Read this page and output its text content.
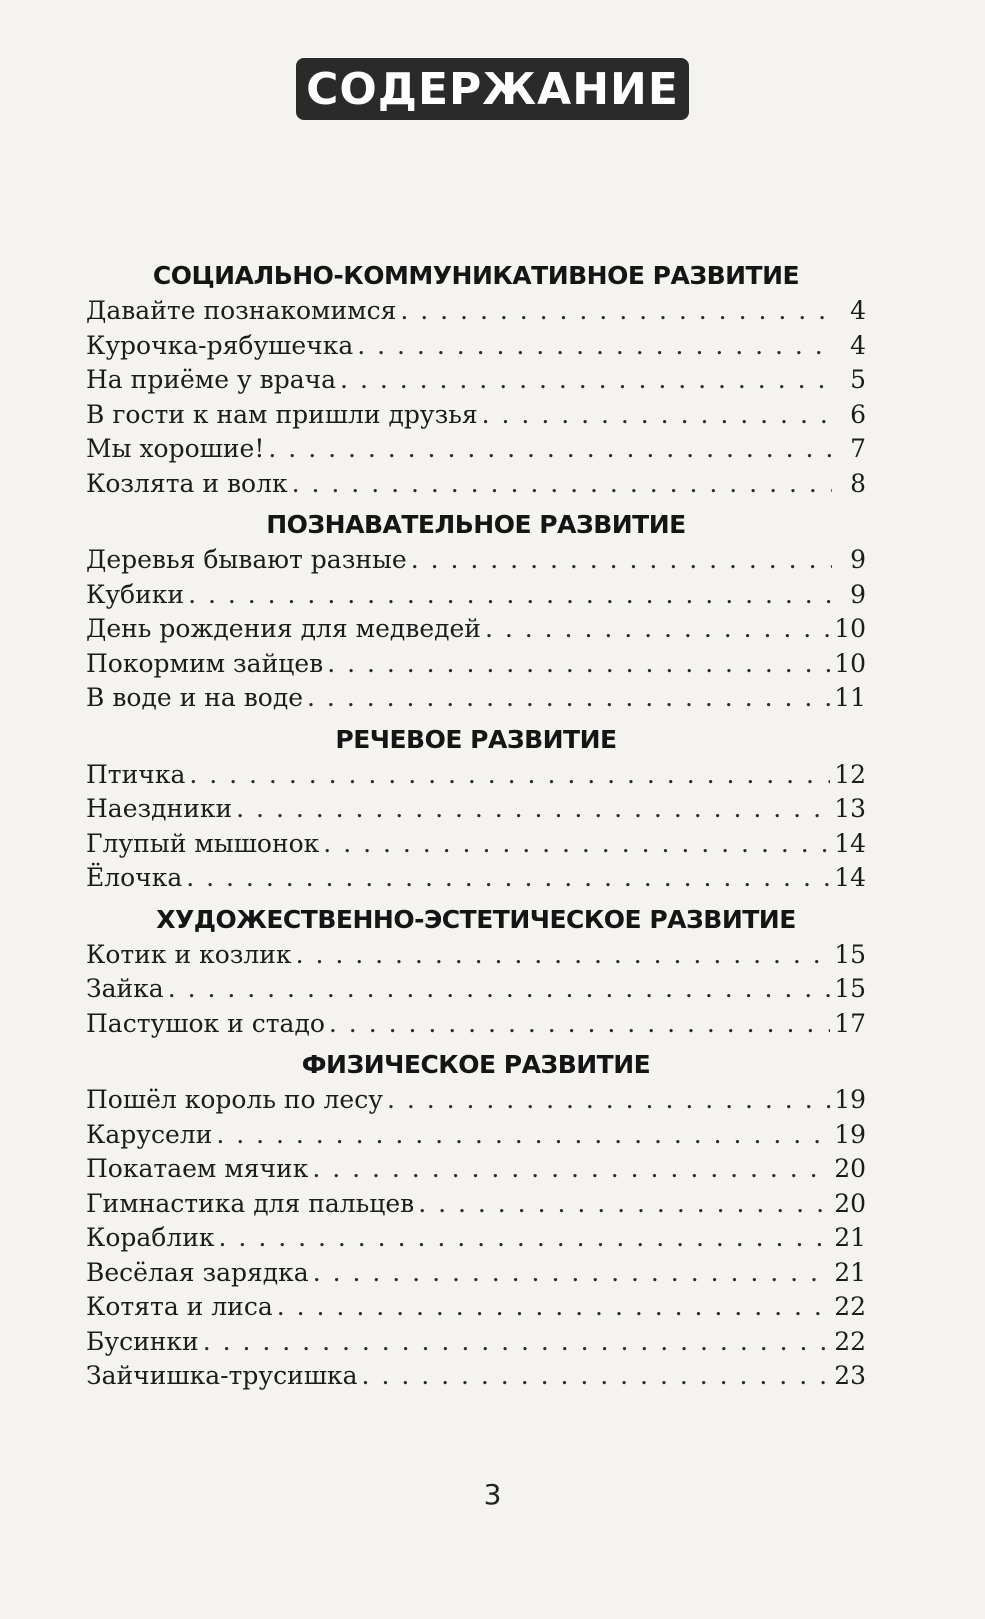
СОДЕРЖАНИЕ
СОЦИАЛЬНО-КОММУНИКАТИВНОЕ РАЗВИТИЕ
Давайте познакомимся . . .	4
Курочка-рябушечка . . .	4
На приёме у врача . . .	5
В гости к нам пришли друзья . . .	6
Мы хорошие! . . .	7
Козлята и волк . . .	8
ПОЗНАВАТЕЛЬНОЕ РАЗВИТИЕ
Деревья бывают разные . . .	9
Кубики . . .	9
День рождения для медведей . . .	10
Покормим зайцев . . .	10
В воде и на воде . . .	11
РЕЧЕВОЕ РАЗВИТИЕ
Птичка . . .	12
Наездники . . .	13
Глупый мышонок . . .	14
Ёлочка . . .	14
ХУДОЖЕСТВЕННО-ЭСТЕТИЧЕСКОЕ РАЗВИТИЕ
Котик и козлик . . .	15
Зайка . . .	15
Пастушок и стадо . . .	17
ФИЗИЧЕСКОЕ РАЗВИТИЕ
Пошёл король по лесу . . .	19
Карусели . . .	19
Покатаем мячик . . .	20
Гимнастика для пальцев . . .	20
Кораблик . . .	21
Весёлая зарядка . . .	21
Котята и лиса . . .	22
Бусинки . . .	22
Зайчишка-трусишка . . .	23
3
